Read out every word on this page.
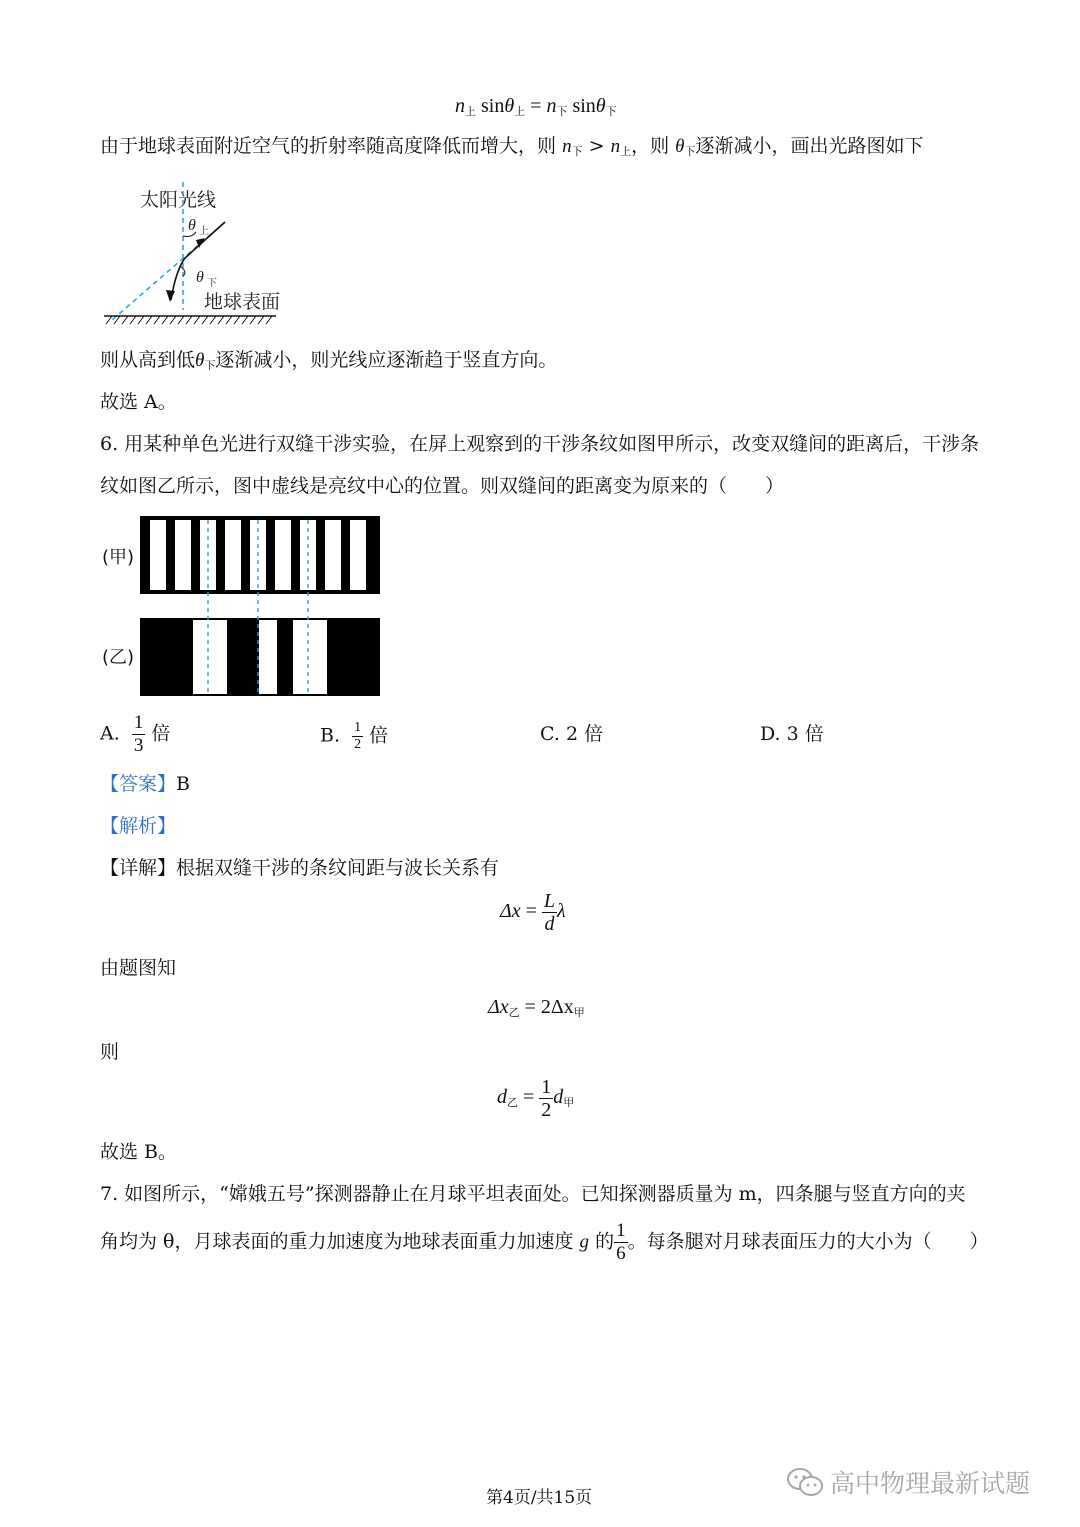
$n_上$ $\sin\theta_上 = n_下$ sinθ$_下$
由于地球表面附近空气的折射率随高度降低而增大，则 $n_下 > n_上$，则 $\theta_下$逐渐减小，画出光路图如下
太阳光线
θ 上
θ 下
地球表面
则从高到低$\theta_下$逐渐减小，则光线应逐渐趋于竖直方向。
故选 A。
6. 用某种单色光进行双缝干涉实验，在屏上观察到的干涉条纹如图甲所示，改变双缝间的距离后，干涉条
纹如图乙所示，图中虚线是亮纹中心的位置。则双缝间的距离变为原来的（　　）
(甲)
(乙)
A. $\frac{1}{3}$ 倍	B. $\frac{1}{2}$ 倍	C. 2 倍	D. 3 倍
【答案】B
【解析】
【详解】根据双缝干涉的条纹间距与波长关系有
$\Delta x = \frac{L}{d}$ λ
由题图知
$\Delta x_乙 = 2\Delta x_甲$
则
$d_乙 = \frac{1}{2} d_甲$
故选 B。
7. 如图所示，“嫦娥五号”探测器静止在月球平坦表面处。已知探测器质量为 m，四条腿与竖直方向的夹
角均为 θ，月球表面的重力加速度为地球表面重力加速度 g 的 $\frac{1}{6}$ 。每条腿对月球表面压力的大小为（　　）
第4页/共15页	高中物理最新试题
